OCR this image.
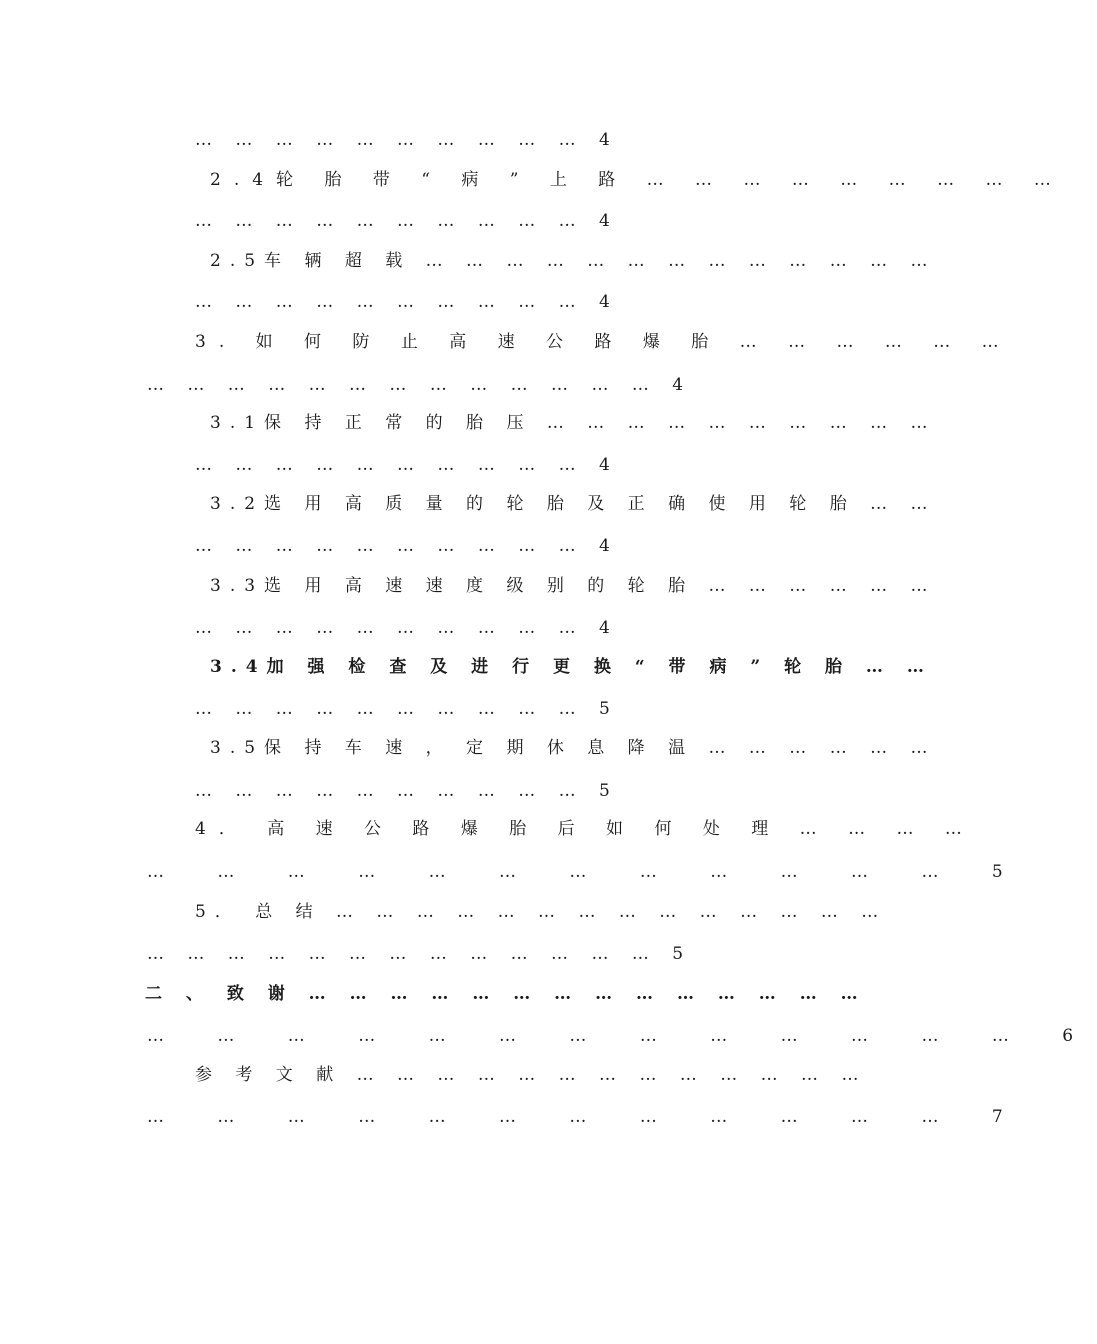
… … … … … … … … … … 4
2.4轮 胎 带 “ 病 ” 上 路 … … … … … … … … …
… … … … … … … … … … 4
2.5车 辆 超 载 … … … … … … … … … … … … …
… … … … … … … … … … 4
3. 如 何 防 止 高 速 公 路 爆 胎 … … … … … …
… … … … … … … … … … … … … 4
3.1保 持 正 常 的 胎 压 … … … … … … … … … …
… … … … … … … … … … 4
3.2选 用 高 质 量 的 轮 胎 及 正 确 使 用 轮 胎 … …
… … … … … … … … … … 4
3.3选 用 高 速 速 度 级 别 的 轮 胎 … … … … … …
… … … … … … … … … … 4
3.4加 强 检 查 及 进 行 更 换 “ 带 病 ” 轮 胎 … …
… … … … … … … … … … 5
3.5保 持 车 速 ， 定 期 休 息 降 温 … … … … … …
… … … … … … … … … … 5
4． 高 速 公 路 爆 胎 后 如 何 处 理 … … … …
… … … … … … … … … … … … 5
5． 总 结 … … … … … … … … … … … … … …
… … … … … … … … … … … … … 5
二 、 致 谢 … … … … … … … … … … … … … …
… … … … … … … … … … … … … 6
参 考 文 献 … … … … … … … … … … … … …
… … … … … … … … … … … … 7
